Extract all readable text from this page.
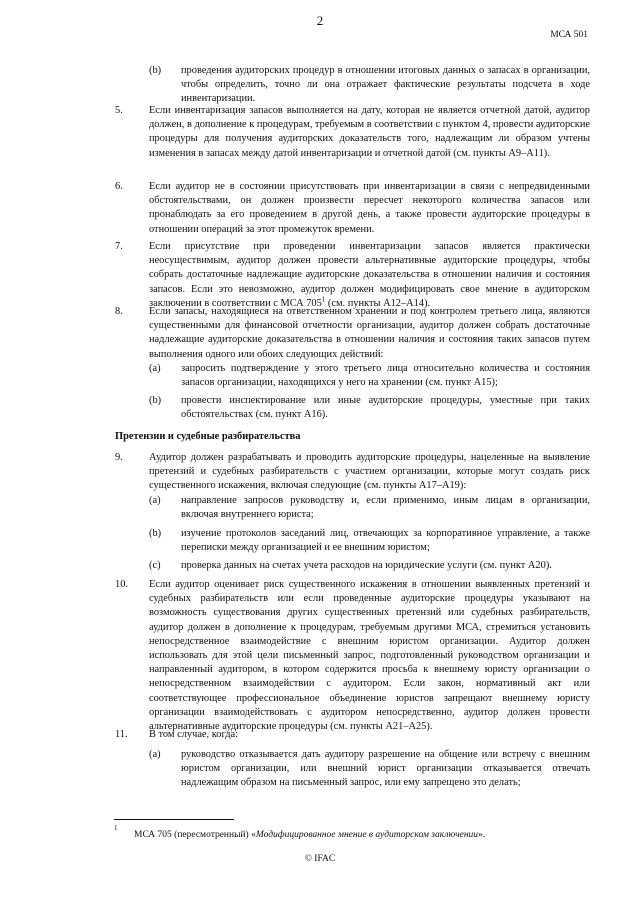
2
МСА 501
(b) проведения аудиторских процедур в отношении итоговых данных о запасах в организации, чтобы определить, точно ли она отражает фактические результаты подсчета в ходе инвентаризации.
5.	Если инвентаризация запасов выполняется на дату, которая не является отчетной датой, аудитор должен, в дополнение к процедурам, требуемым в соответствии с пунктом 4, провести аудиторские процедуры для получения аудиторских доказательств того, надлежащим ли образом учтены изменения в запасах между датой инвентаризации и отчетной датой (см. пункты A9–A11).
6.	Если аудитор не в состоянии присутствовать при инвентаризации в связи с непредвиденными обстоятельствами, он должен произвести пересчет некоторого количества запасов или пронаблюдать за его проведением в другой день, а также провести аудиторские процедуры в отношении операций за этот промежуток времени.
7.	Если присутствие при проведении инвентаризации запасов является практически неосуществимым, аудитор должен провести альтернативные аудиторские процедуры, чтобы собрать достаточные надлежащие аудиторские доказательства в отношении наличия и состояния запасов. Если это невозможно, аудитор должен модифицировать свое мнение в аудиторском заключении в соответствии с МСА $705^1$ (см. пункты A12–A14).
8.	Если запасы, находящиеся на ответственном хранении и под контролем третьего лица, являются существенными для финансовой отчетности организации, аудитор должен собрать достаточные надлежащие аудиторские доказательства в отношении наличия и состояния таких запасов путем выполнения одного или обоих следующих действий:
(a) запросить подтверждение у этого третьего лица относительно количества и состояния запасов организации, находящихся у него на хранении (см. пункт A15);
(b) провести инспектирование или иные аудиторские процедуры, уместные при таких обстоятельствах (см. пункт A16).
Претензии и судебные разбирательства
9.	Аудитор должен разрабатывать и проводить аудиторские процедуры, нацеленные на выявление претензий и судебных разбирательств с участием организации, которые могут создать риск существенного искажения, включая следующие (см. пункты A17–A19):
(a) направление запросов руководству и, если применимо, иным лицам в организации, включая внутреннего юриста;
(b) изучение протоколов заседаний лиц, отвечающих за корпоративное управление, а также переписки между организацией и ее внешним юристом;
(c) проверка данных на счетах учета расходов на юридические услуги (см. пункт A20).
10. Если аудитор оценивает риск существенного искажения в отношении выявленных претензий и судебных разбирательств или если проведенные аудиторские процедуры указывают на возможность существования других существенных претензий или судебных разбирательств, аудитор должен в дополнение к процедурам, требуемым другими МСА, стремиться установить непосредственное взаимодействие с внешним юристом организации. Аудитор должен использовать для этой цели письменный запрос, подготовленный руководством организации и направленный аудитором, в котором содержится просьба к внешнему юристу организации о непосредственном взаимодействии с аудитором. Если закон, нормативный акт или соответствующее профессиональное объединение юристов запрещают внешнему юристу организации взаимодействовать с аудитором непосредственно, аудитор должен провести альтернативные аудиторские процедуры (см. пункты A21–A25).
11. В том случае, когда:
(a) руководство отказывается дать аудитору разрешение на общение или встречу с внешним юристом организации, или внешний юрист организации отказывается отвечать надлежащим образом на письменный запрос, или ему запрещено это делать;
1
МСА 705 (пересмотренный) «Модифицированное мнение в аудиторском заключении».
© IFAC
